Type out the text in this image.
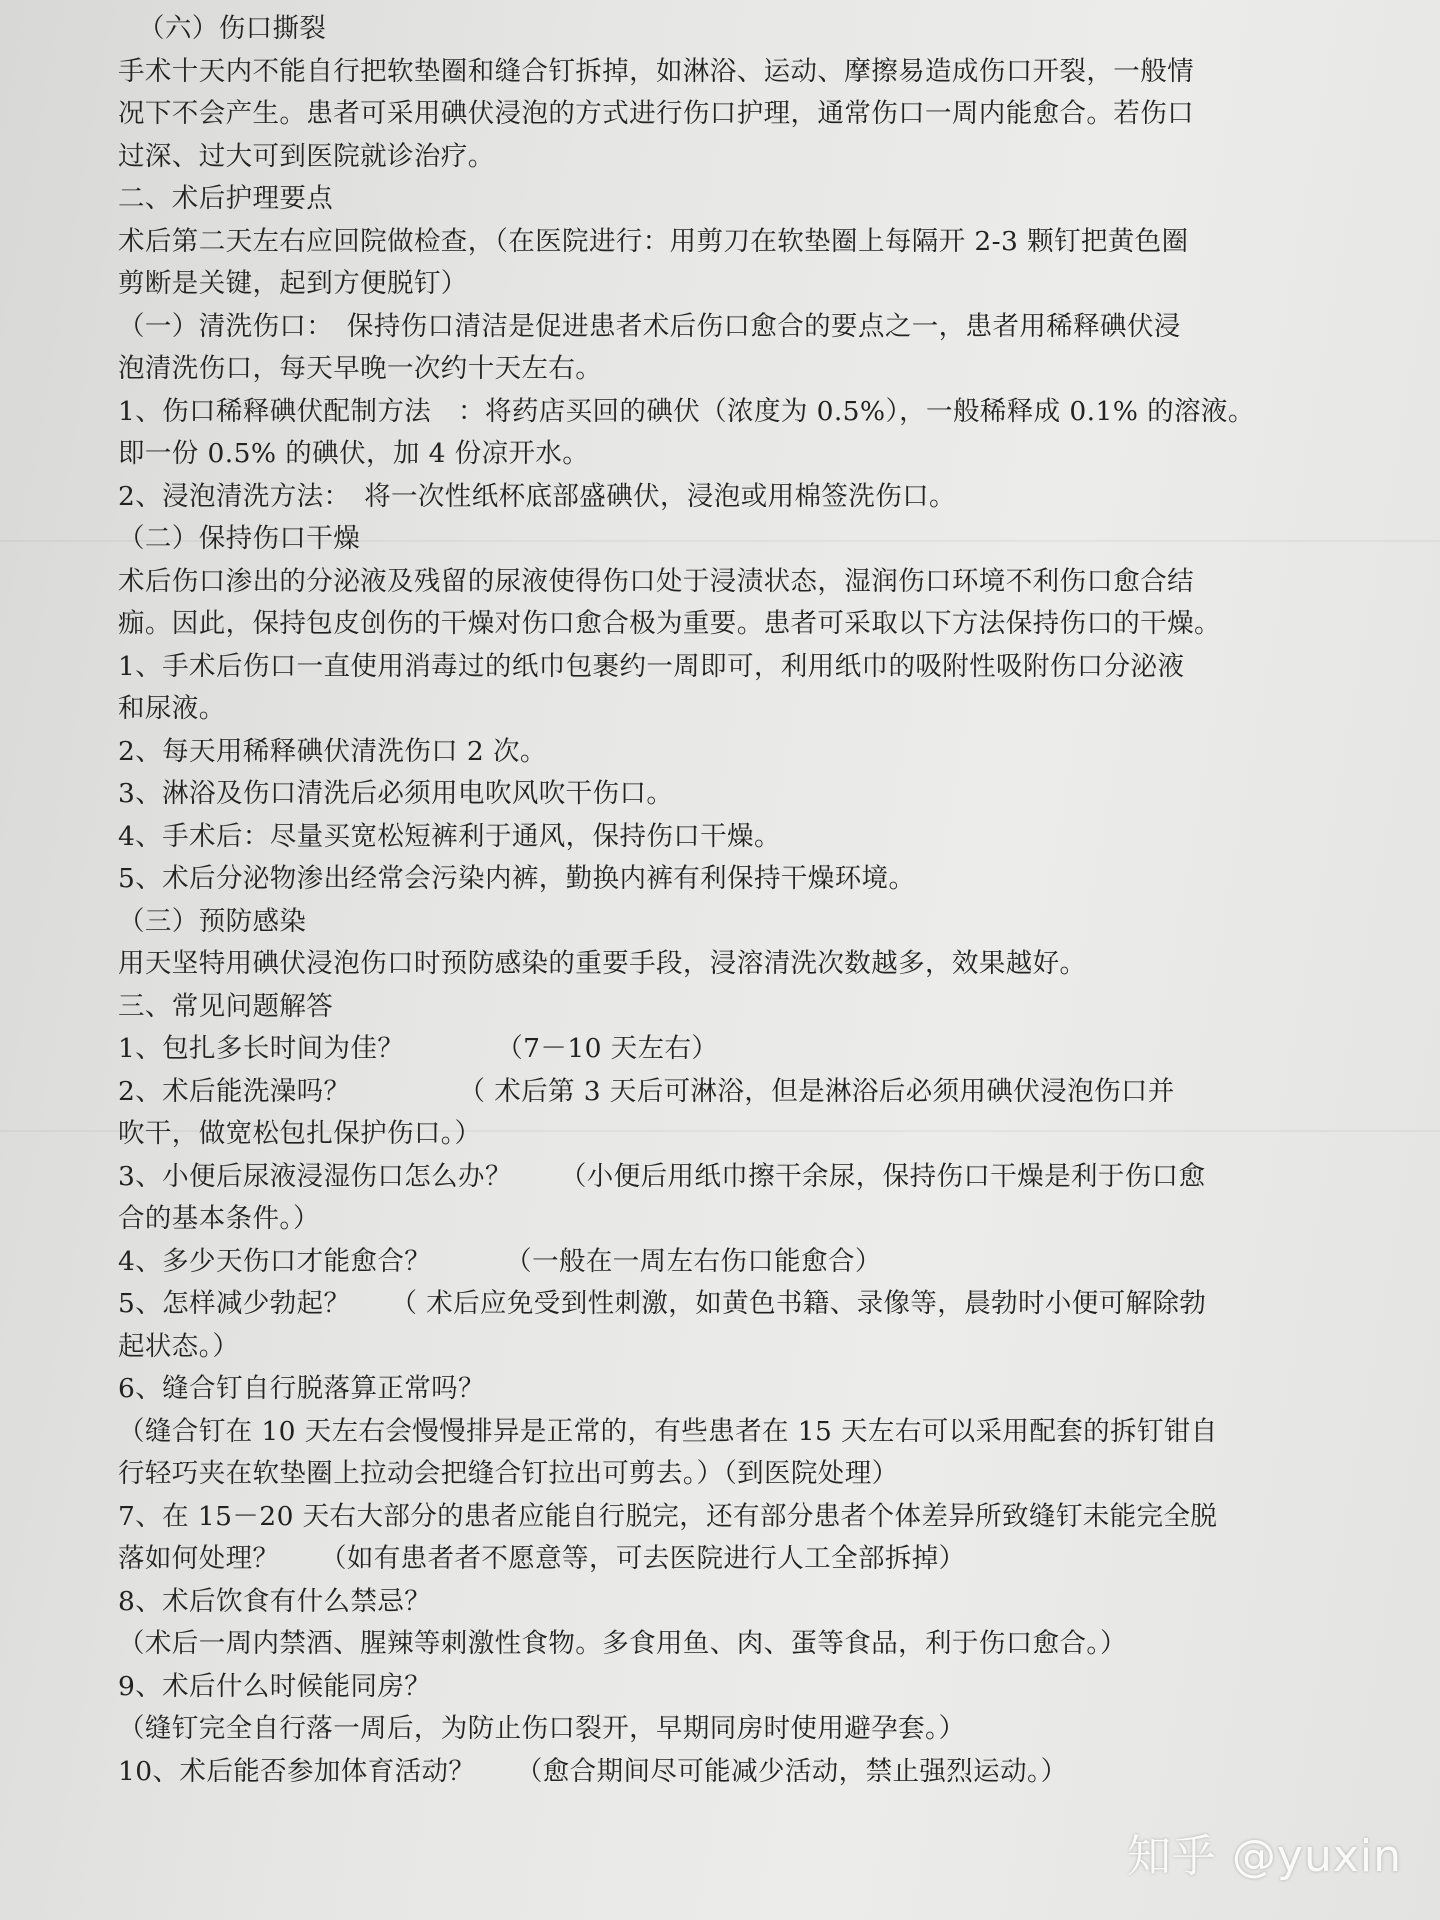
（六）伤口撕裂

手术十天内不能自行把软垫圈和缝合钉拆掉，如淋浴、运动、摩擦易造成伤口开裂，一般情

况下不会产生。患者可采用碘伏浸泡的方式进行伤口护理，通常伤口一周内能愈合。若伤口

过深、过大可到医院就诊治疗。

二、术后护理要点

术后第二天左右应回院做检查，（在医院进行：用剪刀在软垫圈上每隔开 2-3 颗钉把黄色圈

剪断是关键，起到方便脱钉）

（一）清洗伤口：　保持伤口清洁是促进患者术后伤口愈合的要点之一，患者用稀释碘伏浸

泡清洗伤口，每天早晚一次约十天左右。

1、伤口稀释碘伏配制方法　：将药店买回的碘伏（浓度为 0.5%），一般稀释成 0.1% 的溶液。

即一份 0.5% 的碘伏，加 4 份凉开水。

2、浸泡清洗方法：　将一次性纸杯底部盛碘伏，浸泡或用棉签洗伤口。

（二）保持伤口干燥

术后伤口渗出的分泌液及残留的尿液使得伤口处于浸渍状态，湿润伤口环境不利伤口愈合结

痂。因此，保持包皮创伤的干燥对伤口愈合极为重要。患者可采取以下方法保持伤口的干燥。

1、手术后伤口一直使用消毒过的纸巾包裹约一周即可，利用纸巾的吸附性吸附伤口分泌液

和尿液。

2、每天用稀释碘伏清洗伤口 2 次。

3、淋浴及伤口清洗后必须用电吹风吹干伤口。

4、手术后：尽量买宽松短裤利于通风，保持伤口干燥。

5、术后分泌物渗出经常会污染内裤，勤换内裤有利保持干燥环境。

（三）预防感染

用天坚特用碘伏浸泡伤口时预防感染的重要手段，浸溶清洗次数越多，效果越好。

三、常见问题解答

1、包扎多长时间为佳？	（7－10 天左右）

2、术后能洗澡吗？	（ 术后第 3 天后可淋浴，但是淋浴后必须用碘伏浸泡伤口并

吹干，做宽松包扎保护伤口。）

3、小便后尿液浸湿伤口怎么办？ （小便后用纸巾擦干余尿，保持伤口干燥是利于伤口愈

合的基本条件。）

4、多少天伤口才能愈合？	（一般在一周左右伤口能愈合）

5、怎样减少勃起？ （ 术后应免受到性刺激，如黄色书籍、录像等，晨勃时小便可解除勃

起状态。）

6、缝合钉自行脱落算正常吗？

（缝合钉在 10 天左右会慢慢排异是正常的，有些患者在 15 天左右可以采用配套的拆钉钳自

行轻巧夹在软垫圈上拉动会把缝合钉拉出可剪去。）（到医院处理）

7、在 15－20 天右大部分的患者应能自行脱完，还有部分患者个体差异所致缝钉未能完全脱

落如何处理？　　（如有患者者不愿意等，可去医院进行人工全部拆掉）

8、术后饮食有什么禁忌？

（术后一周内禁酒、腥辣等刺激性食物。多食用鱼、肉、蛋等食品，利于伤口愈合。）

9、术后什么时候能同房？

（缝钉完全自行落一周后，为防止伤口裂开，早期同房时使用避孕套。）

10、术后能否参加体育活动？　　（愈合期间尽可能减少活动，禁止强烈运动。）

知乎 @yuxin
